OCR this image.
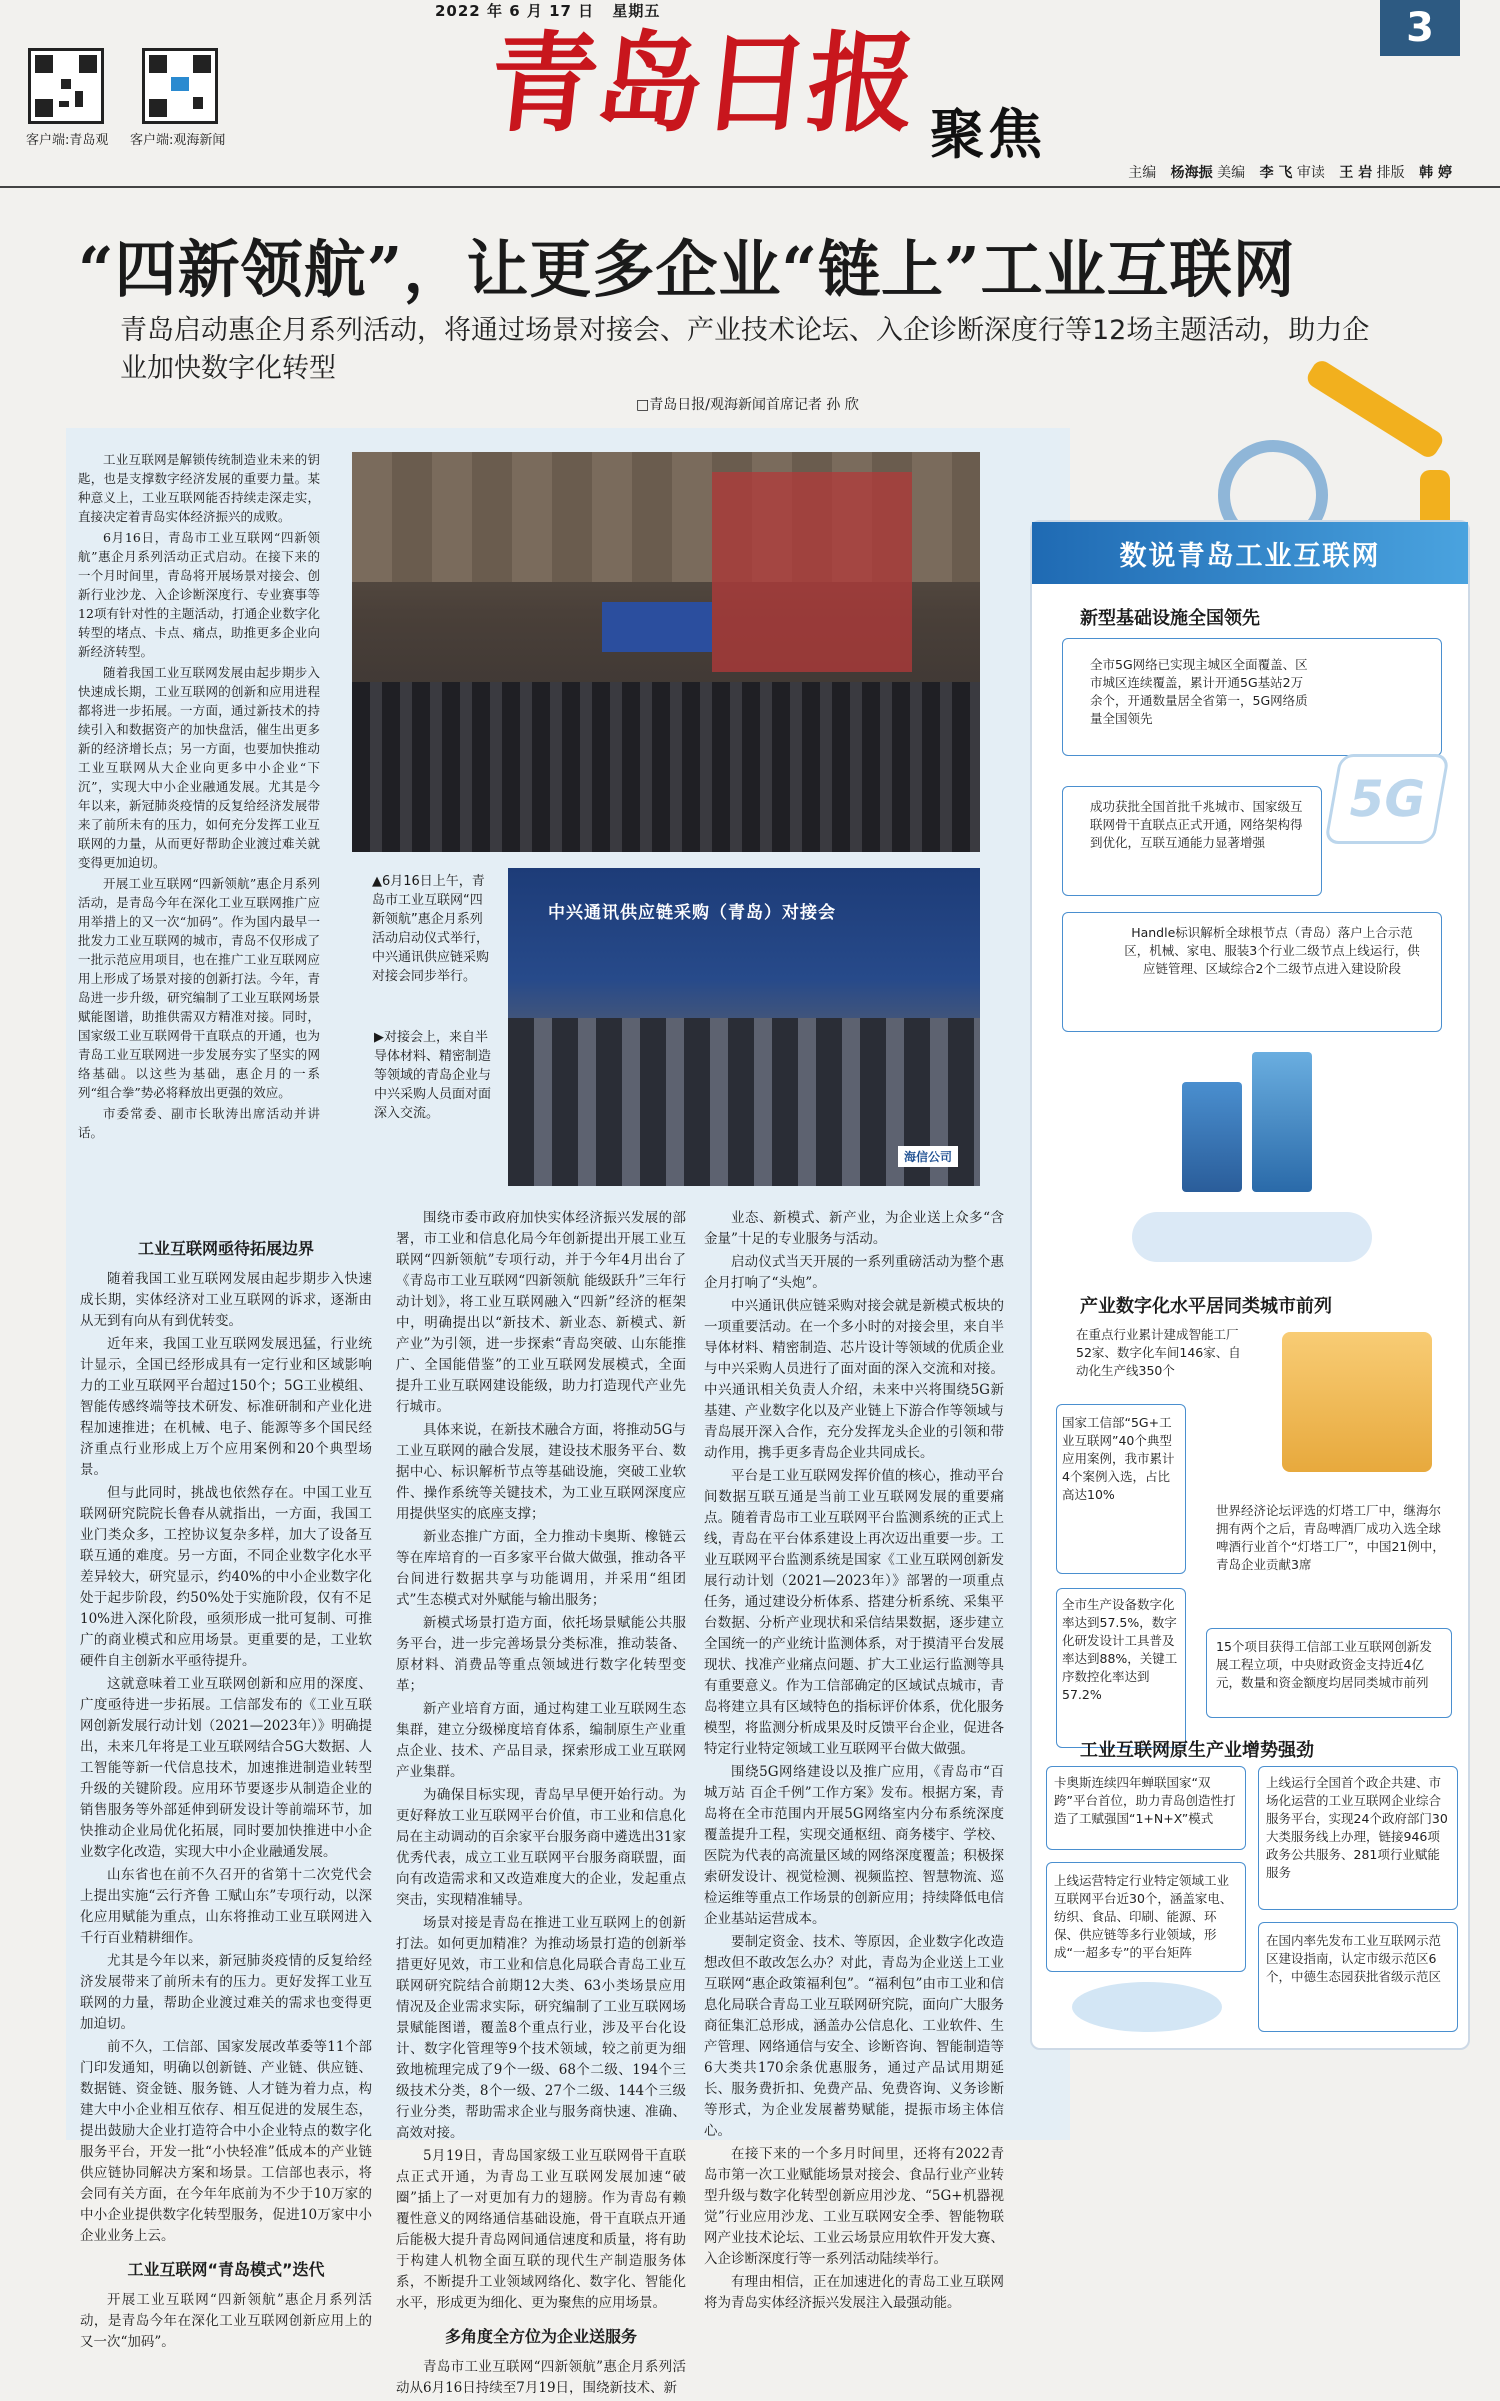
2022 年 6 月 17 日 星期五	3
客户端:青岛观 客户端:观海新闻 青岛日报 聚焦
主编 杨海振 美编 李 飞 审读 王 岩 排版 韩 婷
“四新领航”，让更多企业“链上”工业互联网
青岛启动惠企月系列活动，将通过场景对接会、产业技术论坛、入企诊断深度行等12场主题活动，助力企业加快数字化转型
□青岛日报/观海新闻首席记者 孙 欣

工业互联网是解锁传统制造业未来的钥匙，也是支撑数字经济发展的重要力量。某种意义上，工业互联网能否持续走深走实，直接决定着青岛实体经济振兴的成败。

6月16日，青岛市工业互联网“四新领航”惠企月系列活动正式启动。在接下来的一个月时间里，青岛将开展场景对接会、创新行业沙龙、入企诊断深度行、专业赛事等12项有针对性的主题活动，打通企业数字化转型的堵点、卡点、痛点，助推更多企业向新经济转型。

随着我国工业互联网发展由起步期步入快速成长期，工业互联网的创新和应用进程都将进一步拓展。一方面，通过新技术的持续引入和数据资产的加快盘活，催生出更多新的经济增长点；另一方面，也要加快推动工业互联网从大企业向更多中小企业“下沉”，实现大中小企业融通发展。尤其是今年以来，新冠肺炎疫情的反复给经济发展带来了前所未有的压力，如何充分发挥工业互联网的力量，从而更好帮助企业渡过难关就变得更加迫切。

开展工业互联网“四新领航”惠企月系列活动，是青岛今年在深化工业互联网推广应用举措上的又一次“加码”。作为国内最早一批发力工业互联网的城市，青岛不仅形成了一批示范应用项目，也在推广工业互联网应用上形成了场景对接的创新打法。今年，青岛进一步升级，研究编制了工业互联网场景赋能图谱，助推供需双方精准对接。同时，国家级工业互联网骨干直联点的开通，也为青岛工业互联网进一步发展夯实了坚实的网络基础。以这些为基础，惠企月的一系列“组合拳”势必将释放出更强的效应。

市委常委、副市长耿涛出席活动并讲话。

▲6月16日上午，青岛市工业互联网“四新领航”惠企月系列活动启动仪式举行，中兴通讯供应链采购对接会同步举行。
中兴通讯供应链采购（青岛）对接会
海信公司
▶对接会上，来自半导体材料、精密制造等领域的青岛企业与中兴采购人员面对面深入交流。
工业互联网亟待拓展边界

随着我国工业互联网发展由起步期步入快速成长期，实体经济对工业互联网的诉求，逐渐由从无到有向从有到优转变。

近年来，我国工业互联网发展迅猛，行业统计显示，全国已经形成具有一定行业和区域影响力的工业互联网平台超过150个；5G工业模组、智能传感终端等技术研发、标准研制和产业化进程加速推进；在机械、电子、能源等多个国民经济重点行业形成上万个应用案例和20个典型场景。

但与此同时，挑战也依然存在。中国工业互联网研究院院长鲁春从就指出，一方面，我国工业门类众多，工控协议复杂多样，加大了设备互联互通的难度。另一方面，不同企业数字化水平差异较大，研究显示，约40%的中小企业数字化处于起步阶段，约50%处于实施阶段，仅有不足10%进入深化阶段，亟须形成一批可复制、可推广的商业模式和应用场景。更重要的是，工业软硬件自主创新水平亟待提升。

这就意味着工业互联网创新和应用的深度、广度亟待进一步拓展。工信部发布的《工业互联网创新发展行动计划（2021—2023年）》明确提出，未来几年将是工业互联网结合5G大数据、人工智能等新一代信息技术，加速推进制造业转型升级的关键阶段。应用环节要逐步从制造企业的销售服务等外部延伸到研发设计等前端环节，加快推动企业局优化拓展，同时要加快推进中小企业数字化改造，实现大中小企业融通发展。

山东省也在前不久召开的省第十二次党代会上提出实施“云行齐鲁 工赋山东”专项行动，以深化应用赋能为重点，山东将推动工业互联网进入千行百业精耕细作。

尤其是今年以来，新冠肺炎疫情的反复给经济发展带来了前所未有的压力。更好发挥工业互联网的力量，帮助企业渡过难关的需求也变得更加迫切。

前不久，工信部、国家发展改革委等11个部门印发通知，明确以创新链、产业链、供应链、数据链、资金链、服务链、人才链为着力点，构建大中小企业相互依存、相互促进的发展生态，提出鼓励大企业打造符合中小企业特点的数字化服务平台，开发一批“小快轻准”低成本的产业链供应链协同解决方案和场景。工信部也表示，将会同有关方面，在今年年底前为不少于10万家的中小企业提供数字化转型服务，促进10万家中小企业业务上云。

工业互联网“青岛模式”迭代

开展工业互联网“四新领航”惠企月系列活动，是青岛今年在深化工业互联网创新应用上的又一次“加码”。

围绕市委市政府加快实体经济振兴发展的部署，市工业和信息化局今年创新提出开展工业互联网“四新领航”专项行动，并于今年4月出台了《青岛市工业互联网“四新领航 能级跃升”三年行动计划》，将工业互联网融入“四新”经济的框架中，明确提出以“新技术、新业态、新模式、新产业”为引领，进一步探索“青岛突破、山东能推广、全国能借鉴”的工业互联网发展模式，全面提升工业互联网建设能级，助力打造现代产业先行城市。

具体来说，在新技术融合方面，将推动5G与工业互联网的融合发展，建设技术服务平台、数据中心、标识解析节点等基础设施，突破工业软件、操作系统等关键技术，为工业互联网深度应用提供坚实的底座支撑；

新业态推广方面，全力推动卡奥斯、橡链云等在库培育的一百多家平台做大做强，推动各平台间进行数据共享与功能调用，并采用“组团式”生态模式对外赋能与输出服务；

新模式场景打造方面，依托场景赋能公共服务平台，进一步完善场景分类标准，推动装备、原材料、消费品等重点领域进行数字化转型变革；

新产业培育方面，通过构建工业互联网生态集群，建立分级梯度培育体系，编制原生产业重点企业、技术、产品目录，探索形成工业互联网产业集群。

为确保目标实现，青岛早早便开始行动。为更好释放工业互联网平台价值，市工业和信息化局在主动调动的百余家平台服务商中遴选出31家优秀代表，成立工业互联网平台服务商联盟，面向有改造需求和又改造难度大的企业，发起重点突击，实现精准辅导。

场景对接是青岛在推进工业互联网上的创新打法。如何更加精准？为推动场景打造的创新举措更好见效，市工业和信息化局联合青岛工业互联网研究院结合前期12大类、63小类场景应用情况及企业需求实际，研究编制了工业互联网场景赋能图谱，覆盖8个重点行业，涉及平台化设计、数字化管理等9个技术领域，较之前更为细致地梳理完成了9个一级、68个二级、194个三级技术分类，8个一级、27个二级、144个三级行业分类，帮助需求企业与服务商快速、准确、高效对接。

5月19日，青岛国家级工业互联网骨干直联点正式开通，为青岛工业互联网发展加速“破圈”插上了一对更加有力的翅膀。作为青岛有赖覆性意义的网络通信基础设施，骨干直联点开通后能极大提升青岛网间通信速度和质量，将有助于构建人机物全面互联的现代生产制造服务体系，不断提升工业领域网络化、数字化、智能化水平，形成更为细化、更为聚焦的应用场景。

多角度全方位为企业送服务

青岛市工业互联网“四新领航”惠企月系列活动从6月16日持续至7月19日，围绕新技术、新

业态、新模式、新产业，为企业送上众多“含金量”十足的专业服务与活动。

启动仪式当天开展的一系列重磅活动为整个惠企月打响了“头炮”。

中兴通讯供应链采购对接会就是新模式板块的一项重要活动。在一个多小时的对接会里，来自半导体材料、精密制造、芯片设计等领域的优质企业与中兴采购人员进行了面对面的深入交流和对接。中兴通讯相关负责人介绍，未来中兴将围绕5G新基建、产业数字化以及产业链上下游合作等领域与青岛展开深入合作，充分发挥龙头企业的引领和带动作用，携手更多青岛企业共同成长。

平台是工业互联网发挥价值的核心，推动平台间数据互联互通是当前工业互联网发展的重要痛点。随着青岛市工业互联网平台监测系统的正式上线，青岛在平台体系建设上再次迈出重要一步。工业互联网平台监测系统是国家《工业互联网创新发展行动计划（2021—2023年）》部署的一项重点任务，通过建设分析体系、搭建分析系统、采集平台数据、分析产业现状和采信结果数据，逐步建立全国统一的产业统计监测体系，对于摸清平台发展现状、找准产业痛点问题、扩大工业运行监测等具有重要意义。作为工信部确定的区域试点城市，青岛将建立具有区域特色的指标评价体系，优化服务模型，将监测分析成果及时反馈平台企业，促进各特定行业特定领域工业互联网平台做大做强。

围绕5G网络建设以及推广应用，《青岛市“百城万站 百企千例”工作方案》发布。根据方案，青岛将在全市范围内开展5G网络室内分布系统深度覆盖提升工程，实现交通枢纽、商务楼宇、学校、医院为代表的高流量区域的网络深度覆盖；积极探索研发设计、视觉检测、视频监控、智慧物流、巡检运维等重点工作场景的创新应用；持续降低电信企业基站运营成本。

要制定资金、技术、等原因，企业数字化改造想改但不敢改怎么办？对此，青岛为企业送上工业互联网“惠企政策福利包”。“福利包”由市工业和信息化局联合青岛工业互联网研究院，面向广大服务商征集汇总形成，涵盖办公信息化、工业软件、生产管理、网络通信与安全、诊断咨询、智能制造等6大类共170余条优惠服务，通过产品试用期延长、服务费折扣、免费产品、免费咨询、义务诊断等形式，为企业发展蓄势赋能，提振市场主体信心。

在接下来的一个多月时间里，还将有2022青岛市第一次工业赋能场景对接会、食品行业产业转型升级与数字化转型创新应用沙龙、“5G+机器视觉”行业应用沙龙、工业互联网安全季、智能物联网产业技术论坛、工业云场景应用软件开发大赛、入企诊断深度行等一系列活动陆续举行。

有理由相信，正在加速进化的青岛工业互联网将为青岛实体经济振兴发展注入最强动能。

数说青岛工业互联网
新型基础设施全国领先
全市5G网络已实现主城区全面覆盖、区市城区连续覆盖，累计开通5G基站2万余个，开通数量居全省第一，5G网络质量全国领先
5G
成功获批全国首批千兆城市、国家级互联网骨干直联点正式开通，网络架构得到优化，互联互通能力显著增强
Handle标识解析全球根节点（青岛）落户上合示范区，机械、家电、服装3个行业二级节点上线运行，供应链管理、区域综合2个二级节点进入建设阶段
产业数字化水平居同类城市前列
在重点行业累计建成智能工厂52家、数字化车间146家、自动化生产线350个
国家工信部“5G+工业互联网”40个典型应用案例，我市累计4个案例入选，占比高达10%
世界经济论坛评选的灯塔工厂中，继海尔拥有两个之后，青岛啤酒厂成功入选全球啤酒行业首个“灯塔工厂”，中国21例中，青岛企业贡献3席
全市生产设备数字化率达到57.5%，数字化研发设计工具普及率达到88%，关键工序数控化率达到57.2%
15个项目获得工信部工业互联网创新发展工程立项，中央财政资金支持近4亿元，数量和资金额度均居同类城市前列
工业互联网原生产业增势强劲
卡奥斯连续四年蝉联国家“双跨”平台首位，助力青岛创造性打造了工赋强国“1+N+X”模式
上线运营特定行业特定领域工业互联网平台近30个，涵盖家电、纺织、食品、印刷、能源、环保、供应链等多行业领域，形成“一超多专”的平台矩阵
上线运行全国首个政企共建、市场化运营的工业互联网企业综合服务平台，实现24个政府部门30大类服务线上办理，链接946项政务公共服务、281项行业赋能服务
在国内率先发布工业互联网示范区建设指南，认定市级示范区6个，中德生态园获批省级示范区
